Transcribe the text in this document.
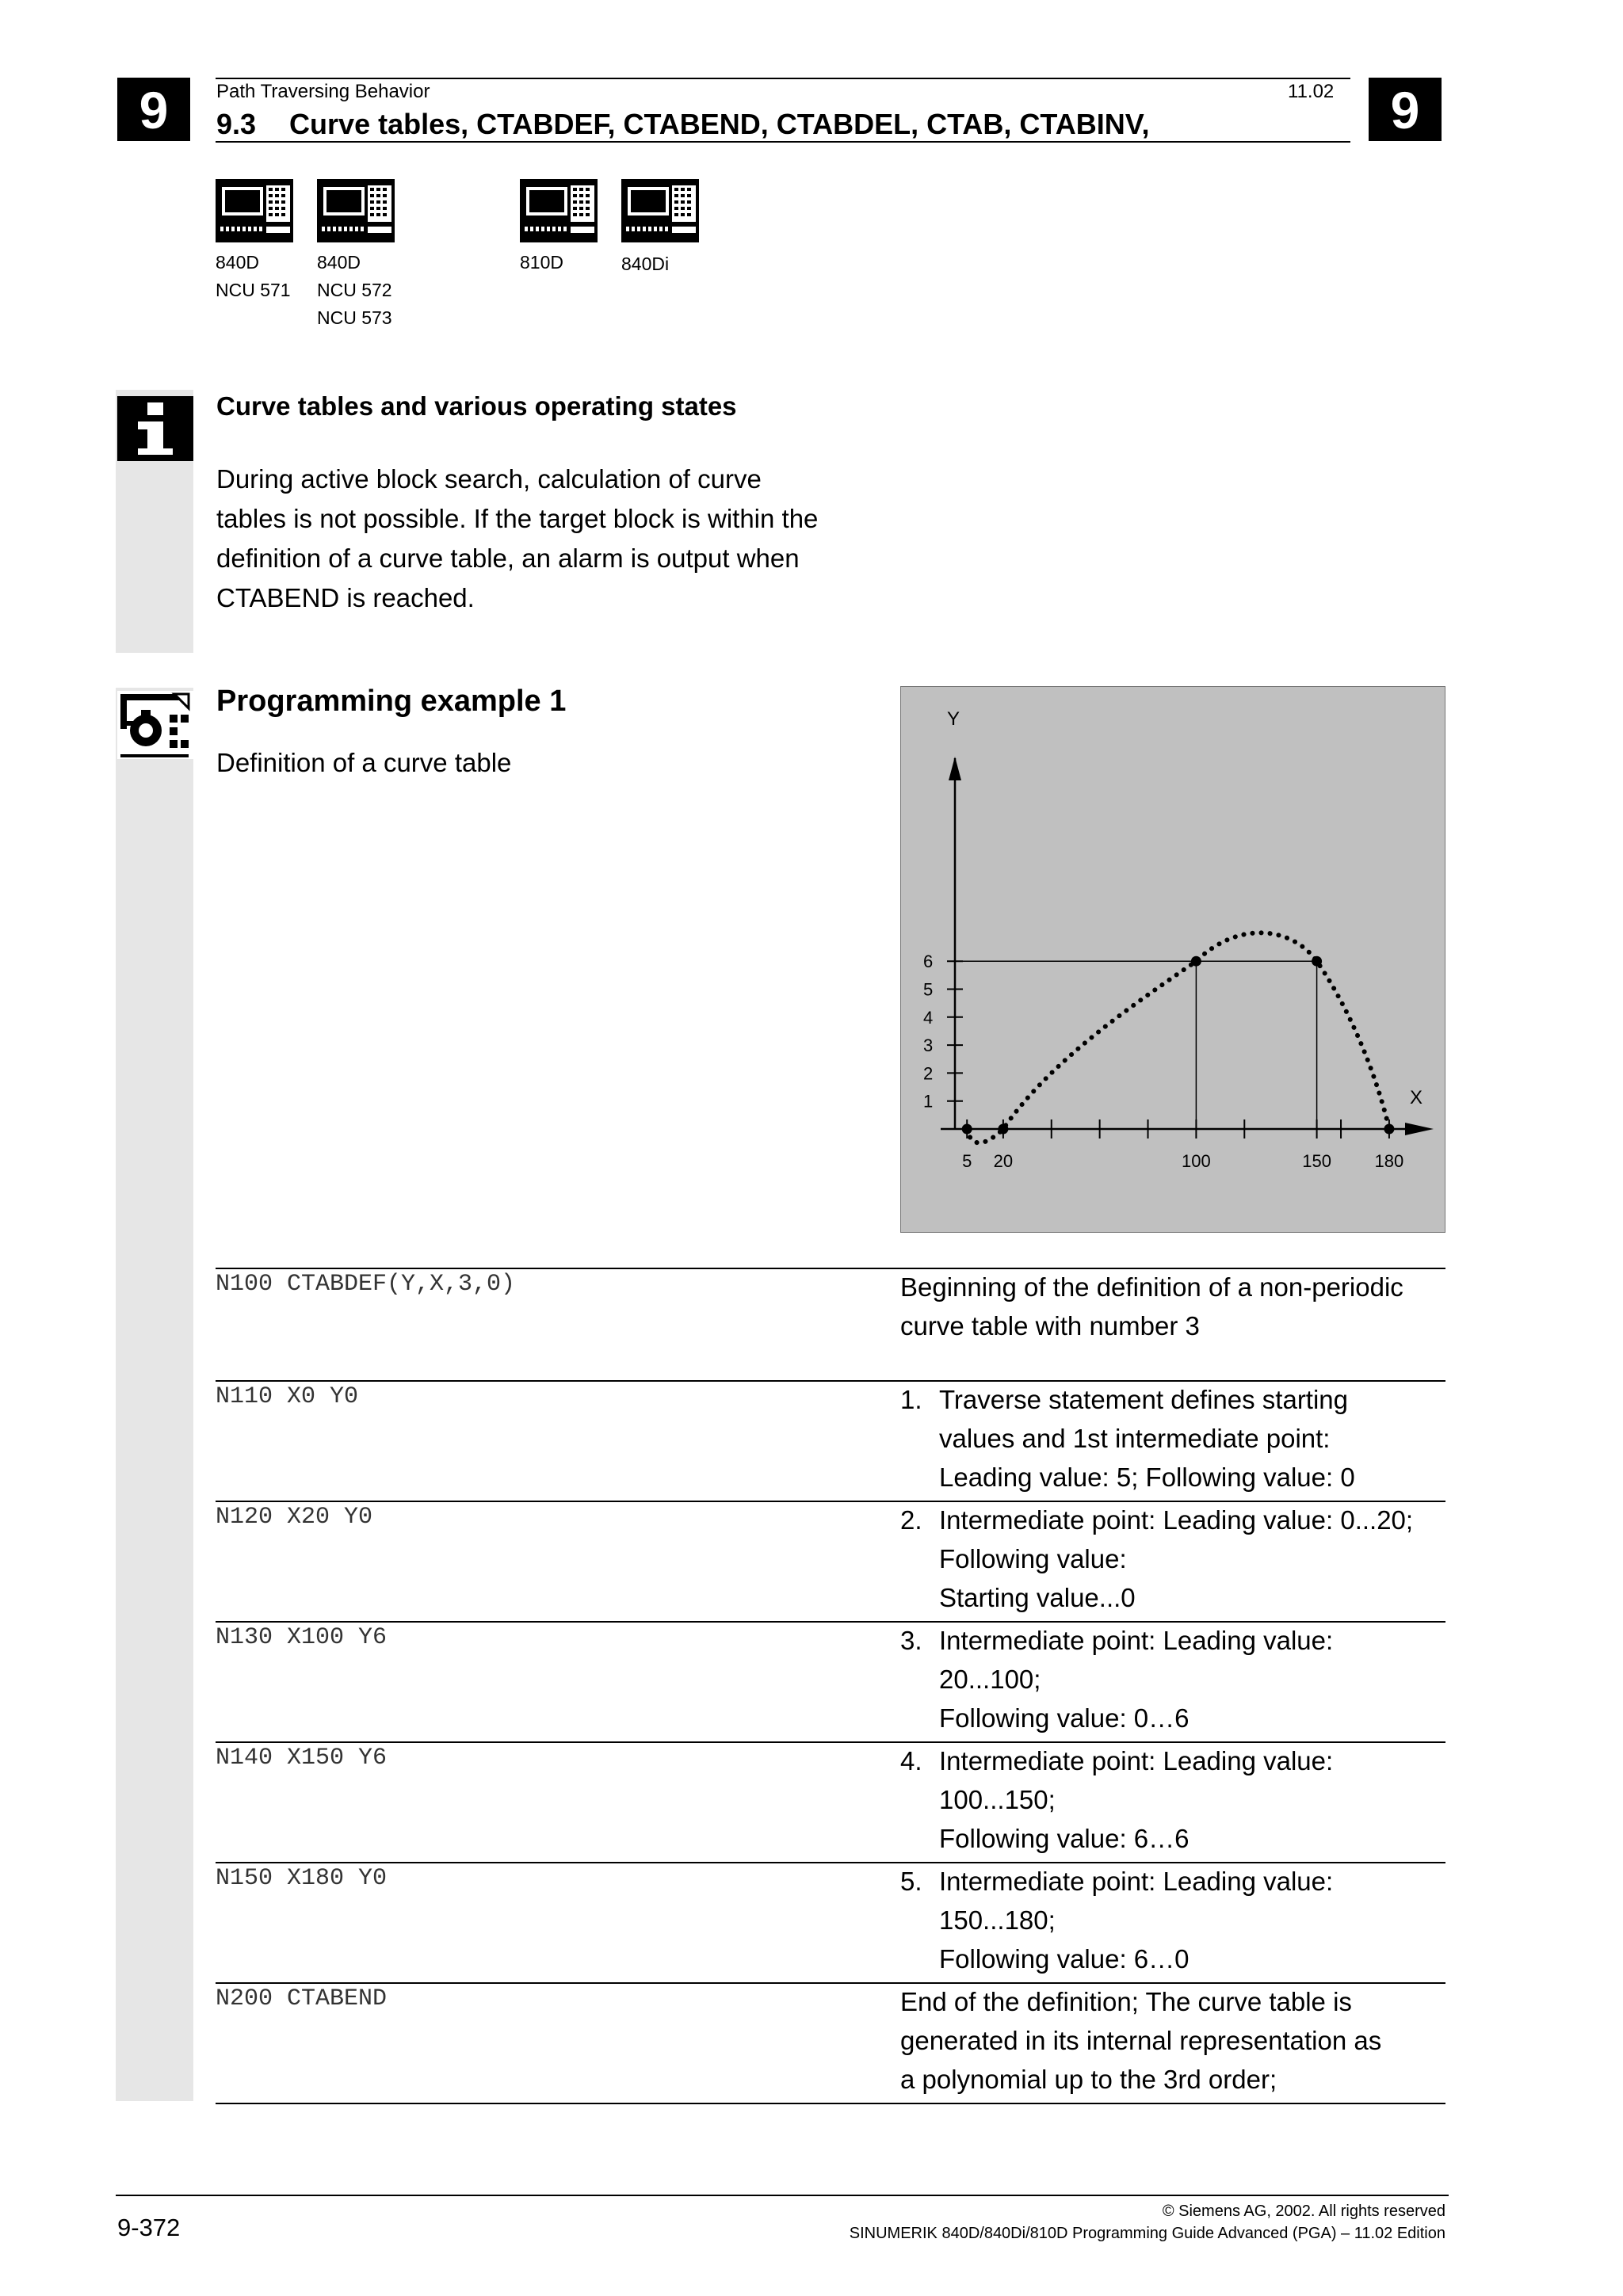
9	9
Path Traversing Behavior	11.02
9.3 Curve tables, CTABDEF, CTABEND, CTABDEL, CTAB, CTABINV,
840D
NCU 571
840D
NCU 572
NCU 573
810D	840Di
Curve tables and various operating states
During active block search, calculation of curve
tables is not possible. If the target block is within the
definition of a curve table, an alarm is output when
CTABEND is reached.
Programming example 1
Definition of a curve table
Y
X
1
2
3
4
5
6
5 20	100	150 180
N100 CTABDEF(Y,X,3,0)	Beginning of the definition of a non-periodic
curve table with number 3
N110 X0 Y0	1. Traverse statement defines starting
values and 1st intermediate point:
Leading value: 5; Following value: 0
N120 X20 Y0	2. Intermediate point: Leading value: 0...20;
Following value:
Starting value...0
N130 X100 Y6	3. Intermediate point: Leading value:
20...100;
Following value: 0…6
N140 X150 Y6	4. Intermediate point: Leading value:
100...150;
Following value: 6…6
N150 X180 Y0	5. Intermediate point: Leading value:
150...180;
Following value: 6…0
N200 CTABEND	End of the definition; The curve table is
generated in its internal representation as
a polynomial up to the 3rd order;
9-372
© Siemens AG, 2002. All rights reserved
SINUMERIK 840D/840Di/810D Programming Guide Advanced (PGA) – 11.02 Edition
